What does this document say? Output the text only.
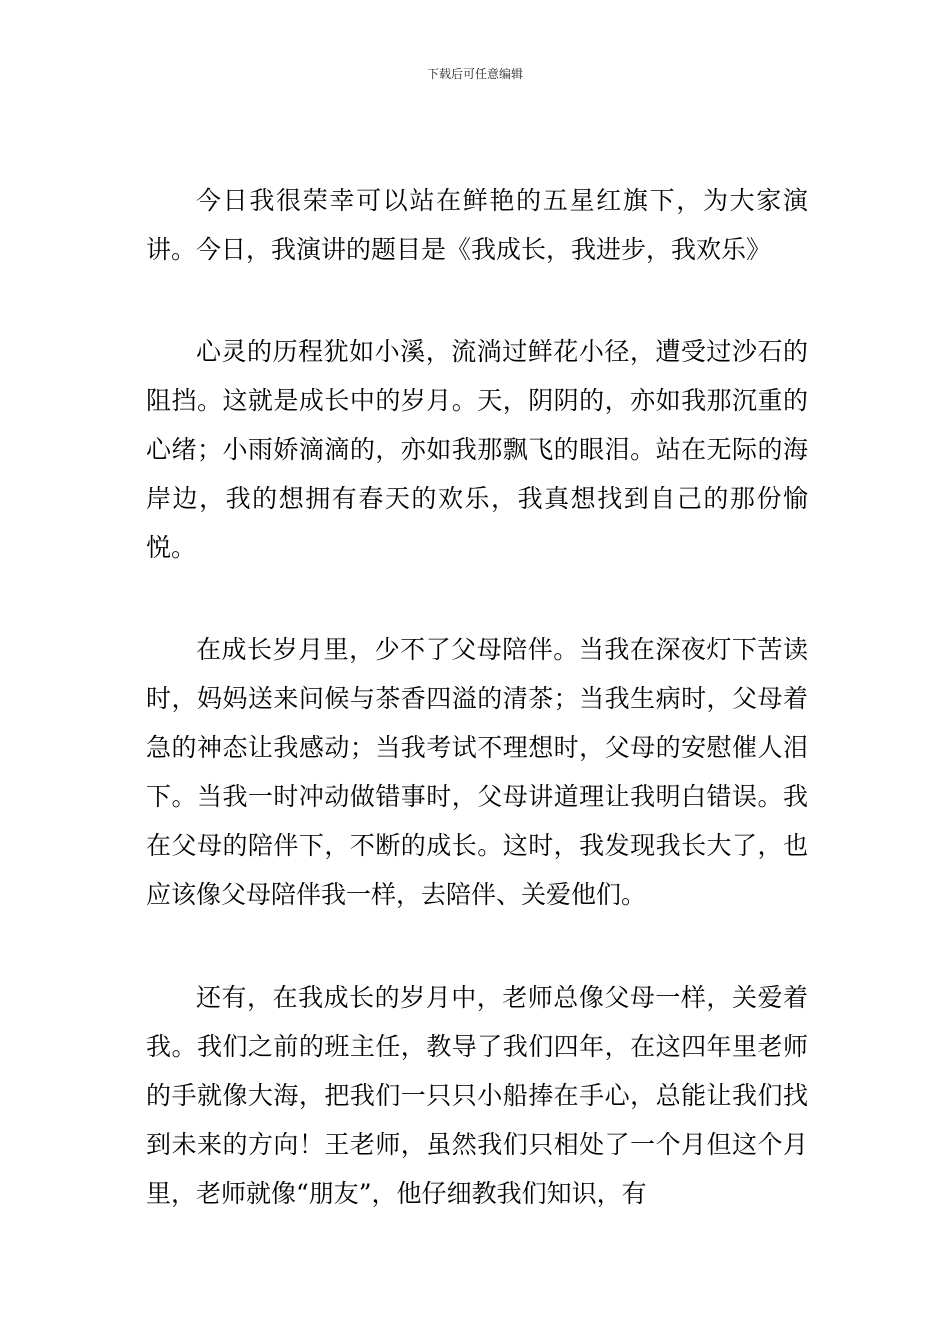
下载后可任意编辑

今日我很荣幸可以站在鲜艳的五星红旗下，为大家演讲。今日，我演讲的题目是《我成长，我进步，我欢乐》

心灵的历程犹如小溪，流淌过鲜花小径，遭受过沙石的阻挡。这就是成长中的岁月。天，阴阴的，亦如我那沉重的心绪；小雨娇滴滴的，亦如我那飘飞的眼泪。站在无际的海岸边，我的想拥有春天的欢乐，我真想找到自己的那份愉悦。

在成长岁月里，少不了父母陪伴。当我在深夜灯下苦读时，妈妈送来问候与茶香四溢的清茶；当我生病时，父母着急的神态让我感动；当我考试不理想时，父母的安慰催人泪下。当我一时冲动做错事时，父母讲道理让我明白错误。我在父母的陪伴下，不断的成长。这时，我发现我长大了，也应该像父母陪伴我一样，去陪伴、关爱他们。

还有，在我成长的岁月中，老师总像父母一样，关爱着我。我们之前的班主任，教导了我们四年，在这四年里老师的手就像大海，把我们一只只小船捧在手心，总能让我们找到未来的方向！王老师，虽然我们只相处了一个月但这个月里，老师就像“朋友”，他仔细教我们知识，有
